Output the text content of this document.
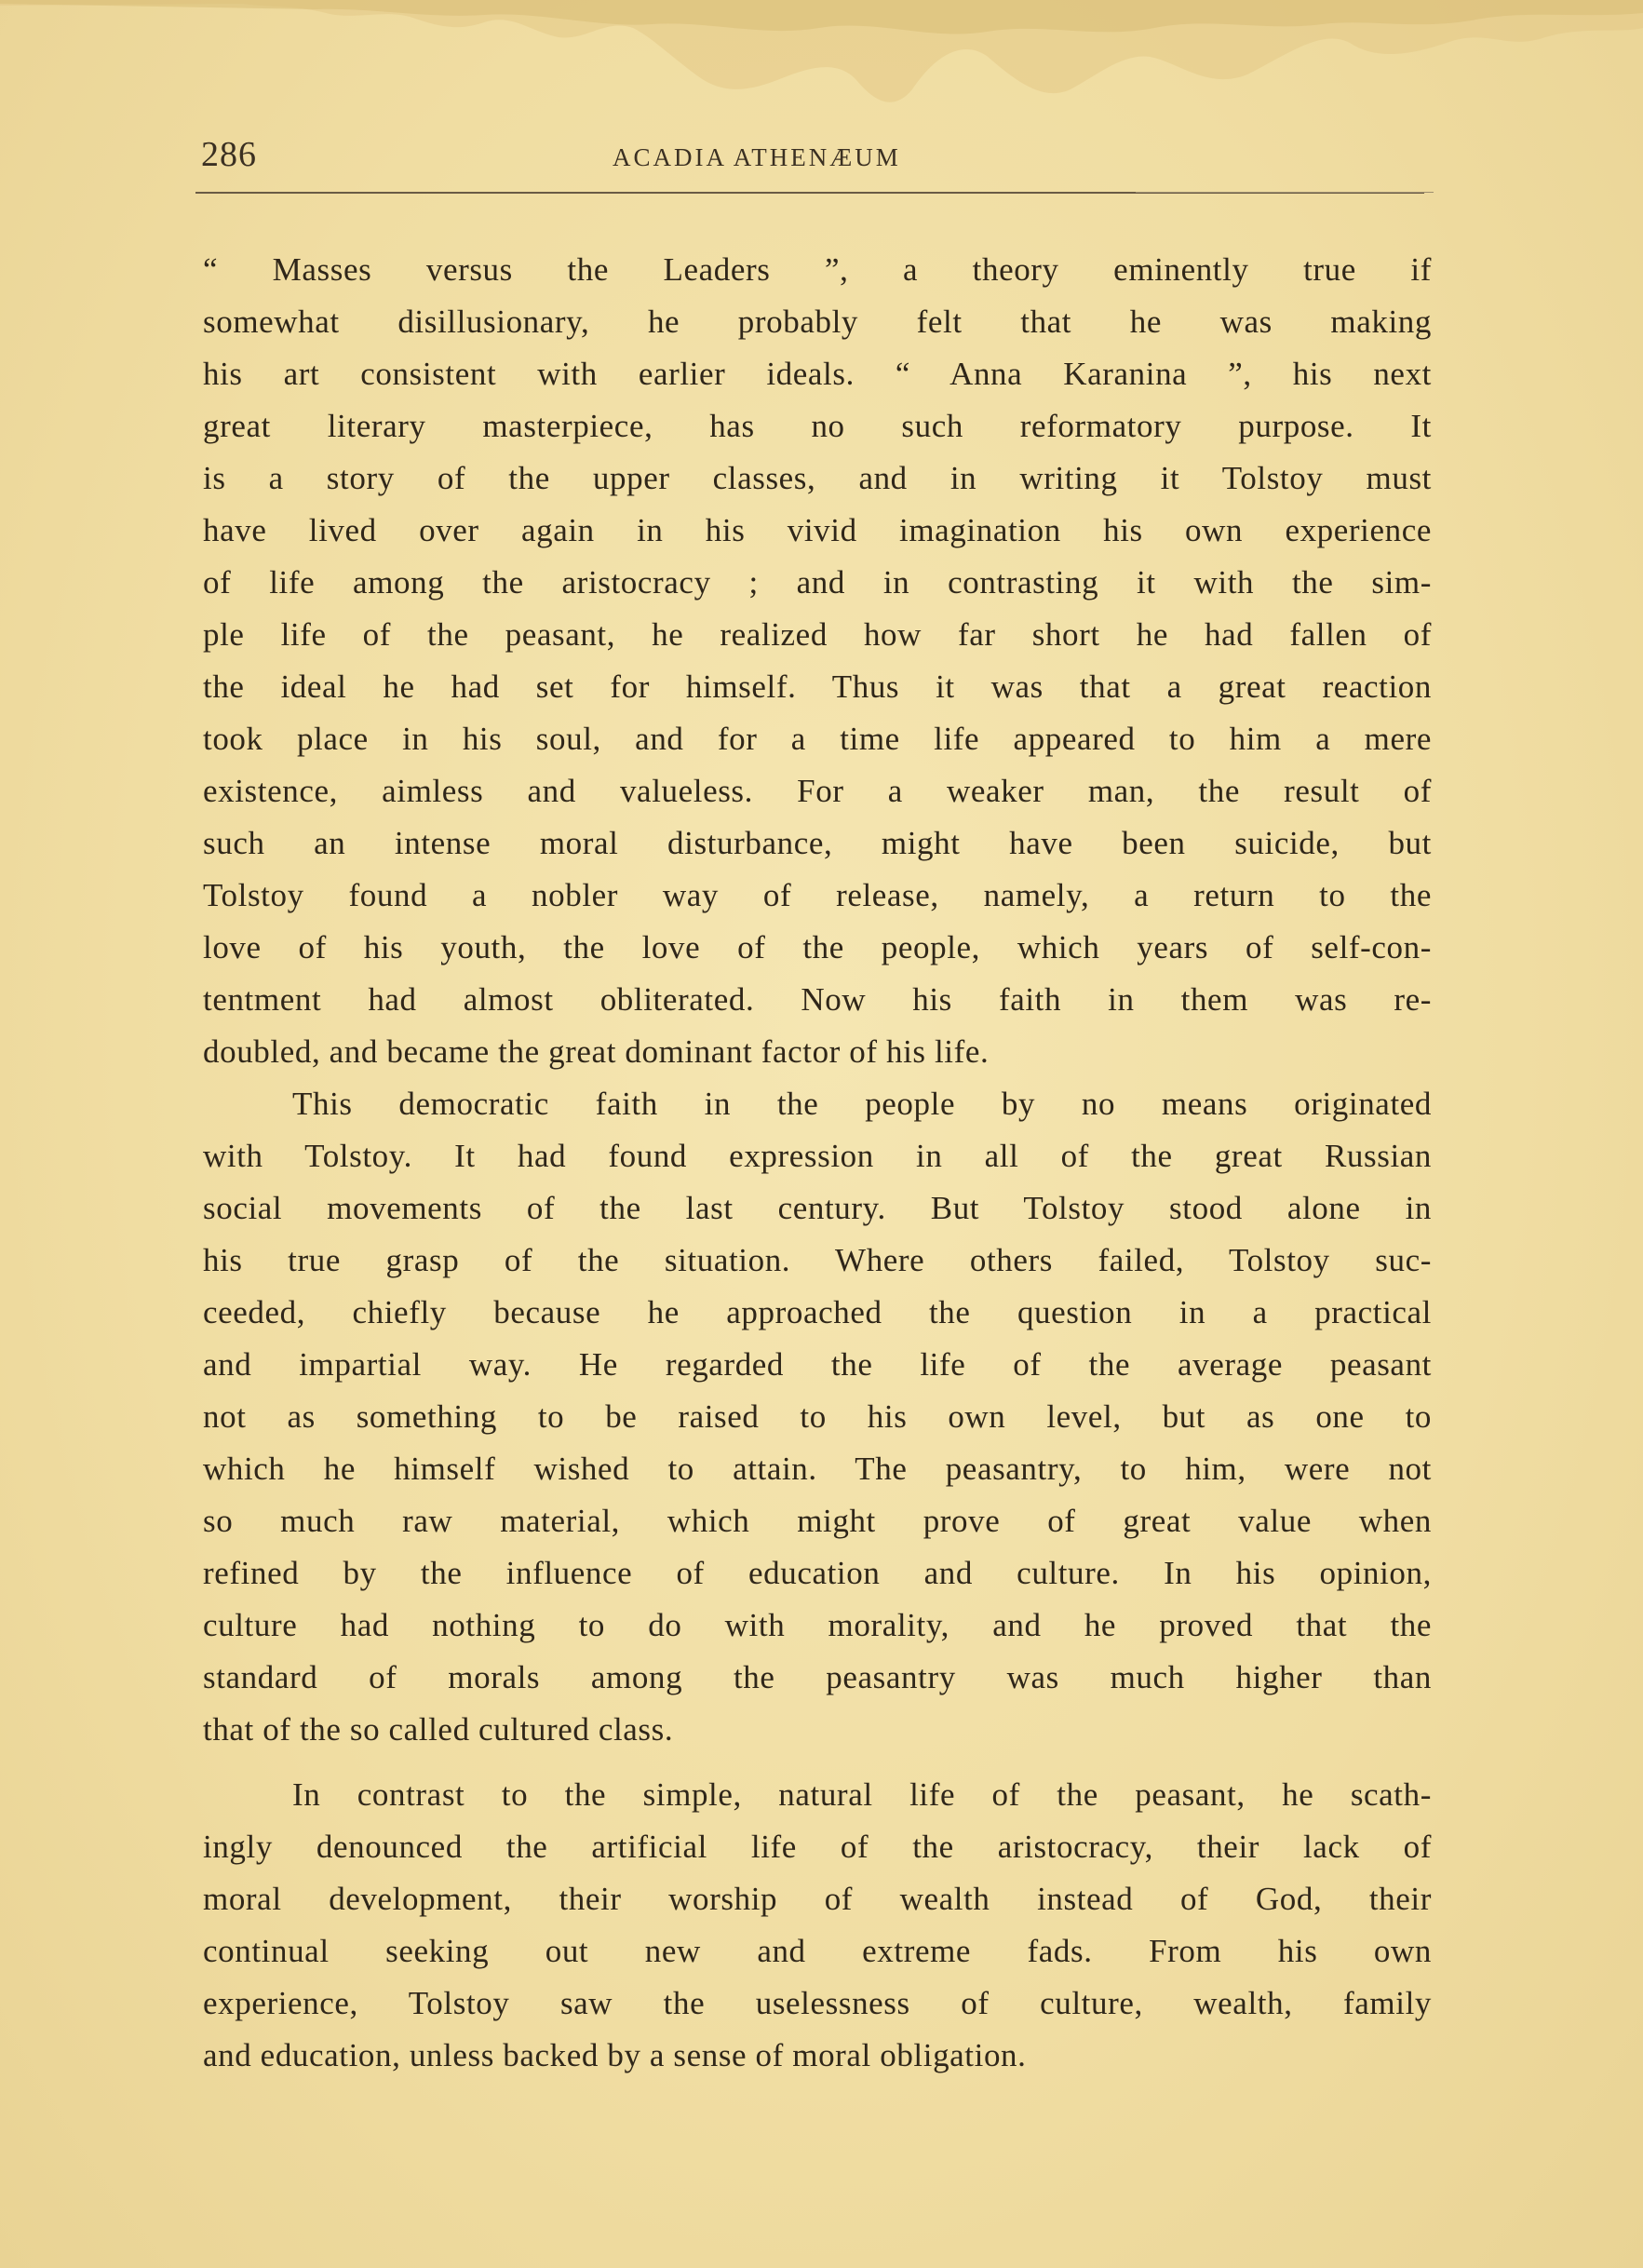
286	ACADIA ATHENÆUM
“ Masses versus the Leaders ”, a theory eminently true if
somewhat disillusionary, he probably felt that he was making
his art consistent with earlier ideals. “ Anna Karanina ”, his next
great literary masterpiece, has no such reformatory purpose. It
is a story of the upper classes, and in writing it Tolstoy must
have lived over again in his vivid imagination his own experience
of life among the aristocracy ; and in contrasting it with the sim-
ple life of the peasant, he realized how far short he had fallen of
the ideal he had set for himself. Thus it was that a great reaction
took place in his soul, and for a time life appeared to him a mere
existence, aimless and valueless. For a weaker man, the result of
such an intense moral disturbance, might have been suicide, but
Tolstoy found a nobler way of release, namely, a return to the
love of his youth, the love of the people, which years of self-con-
tentment had almost obliterated. Now his faith in them was re-
doubled, and became the great dominant factor of his life.
This democratic faith in the people by no means originated
with Tolstoy. It had found expression in all of the great Russian
social movements of the last century. But Tolstoy stood alone in
his true grasp of the situation. Where others failed, Tolstoy suc-
ceeded, chiefly because he approached the question in a practical
and impartial way. He regarded the life of the average peasant
not as something to be raised to his own level, but as one to
which he himself wished to attain. The peasantry, to him, were not
so much raw material, which might prove of great value when
refined by the influence of education and culture. In his opinion,
culture had nothing to do with morality, and he proved that the
standard of morals among the peasantry was much higher than
that of the so called cultured class.
In contrast to the simple, natural life of the peasant, he scath-
ingly denounced the artificial life of the aristocracy, their lack of
moral development, their worship of wealth instead of God, their
continual seeking out new and extreme fads. From his own
experience, Tolstoy saw the uselessness of culture, wealth, family
and education, unless backed by a sense of moral obligation.
